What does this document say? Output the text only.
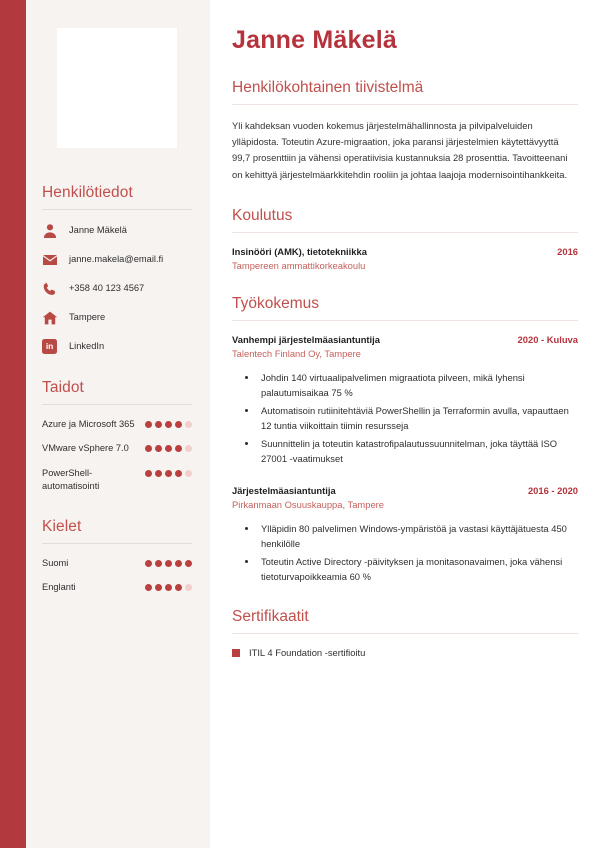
Henkilötiedot
Janne Mäkelä
janne.makela@email.fi
+358 40 123 4567
Tampere
in	LinkedIn
Taidot
Azure ja Microsoft 365
VMware vSphere 7.0
PowerShell-automatisointi
Kielet
Suomi
Englanti
Janne Mäkelä
Henkilökohtainen tiivistelmä

Yli kahdeksan vuoden kokemus järjestelmähallinnosta ja pilvipalveluiden ylläpidosta. Toteutin Azure-migraation, joka paransi järjestelmien käytettävyyttä 99,7 prosenttiin ja vähensi operatiivisia kustannuksia 28 prosenttia. Tavoitteenani on kehittyä järjestelmäarkkitehdin rooliin ja johtaa laajoja modernisointihankkeita.

Koulutus
Insinööri (AMK), tietotekniikka	2016
Tampereen ammattikorkeakoulu
Työkokemus
Vanhempi järjestelmäasiantuntija	2020 - Kuluva
Talentech Finland Oy, Tampere
• Johdin 140 virtuaalipalvelimen migraatiota pilveen, mikä lyhensi palautumisaikaa 75 %
• Automatisoin rutiinitehtäviä PowerShellin ja Terraformin avulla, vapauttaen 12 tuntia viikoittain tiimin resursseja
• Suunnittelin ja toteutin katastrofipalautussuunnitelman, joka täyttää ISO 27001 -vaatimukset
Järjestelmäasiantuntija	2016 - 2020
Pirkanmaan Osuuskauppa, Tampere
• Ylläpidin 80 palvelimen Windows-ympäristöä ja vastasi käyttäjätuesta 450 henkilölle
• Toteutin Active Directory -päivityksen ja monitasonavaimen, joka vähensi tietoturvapoikkeamia 60 %
Sertifikaatit
ITIL 4 Foundation -sertifioitu
